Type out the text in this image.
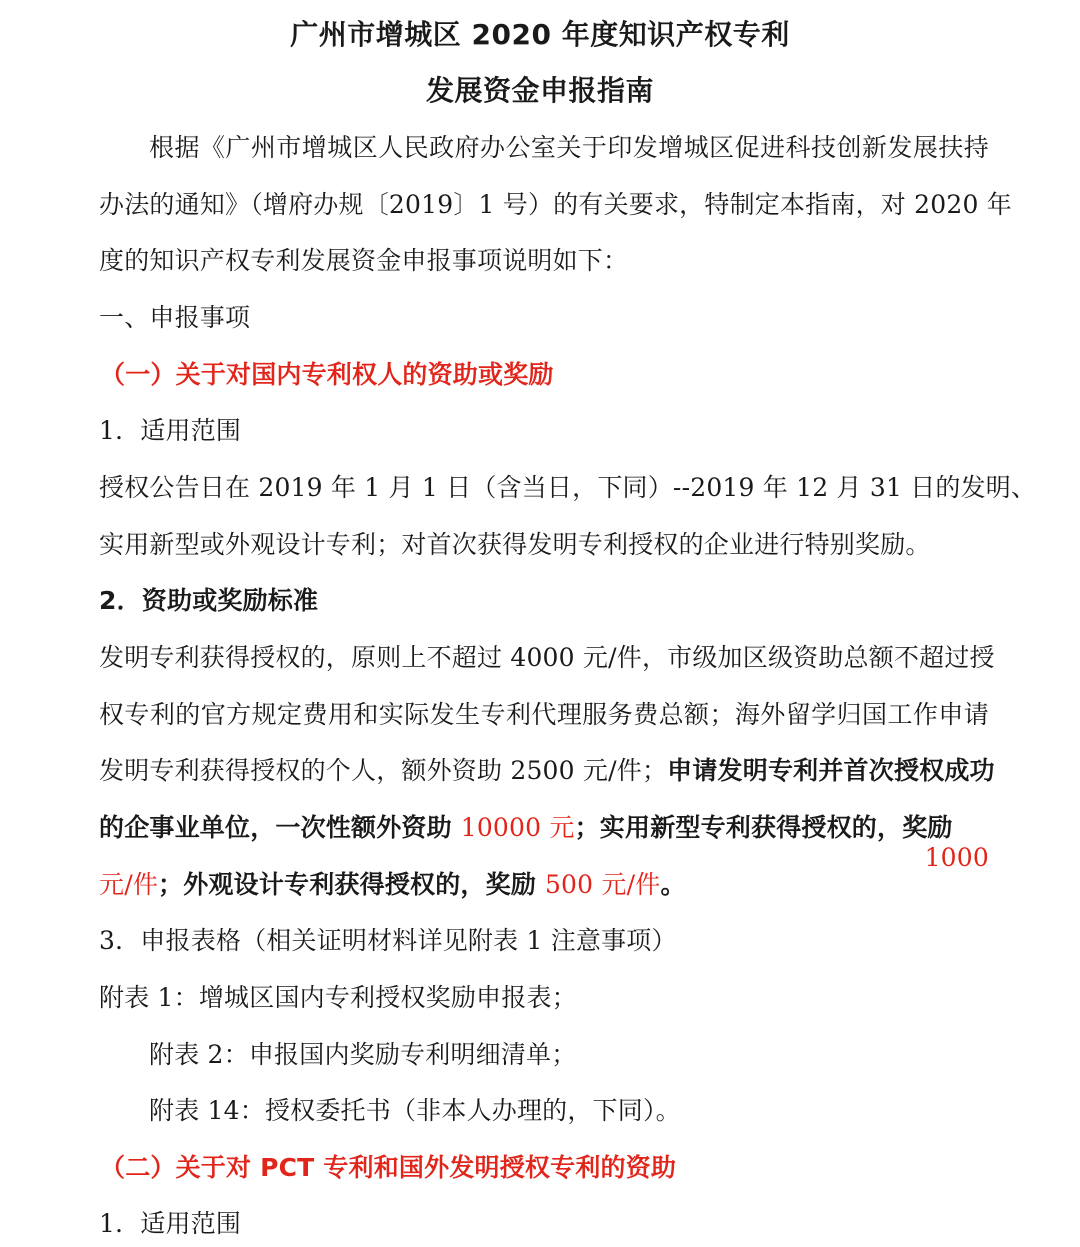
广州市增城区 2020 年度知识产权专利
发展资金申报指南
根据《广州市增城区人民政府办公室关于印发增城区促进科技创新发展扶持
办法的通知》（增府办规〔2019〕1 号）的有关要求，特制定本指南，对 2020 年
度的知识产权专利发展资金申报事项说明如下：
一、申报事项
（一）关于对国内专利权人的资助或奖励
1．适用范围
授权公告日在 2019 年 1 月 1 日（含当日，下同）--2019 年 12 月 31 日的发明、
实用新型或外观设计专利；对首次获得发明专利授权的企业进行特别奖励。
2．资助或奖励标准
发明专利获得授权的，原则上不超过 4000 元/件，市级加区级资助总额不超过授
权专利的官方规定费用和实际发生专利代理服务费总额；海外留学归国工作申请
发明专利获得授权的个人，额外资助 2500 元/件；申请发明专利并首次授权成功
的企事业单位，一次性额外资助 10000 元；实用新型专利获得授权的，奖励
1000
元/件；外观设计专利获得授权的，奖励 500 元/件。
3．申报表格（相关证明材料详见附表 1 注意事项）
附表 1：增城区国内专利授权奖励申报表；
附表 2：申报国内奖励专利明细清单；
附表 14：授权委托书（非本人办理的，下同）。
（二）关于对 PCT 专利和国外发明授权专利的资助
1．适用范围
